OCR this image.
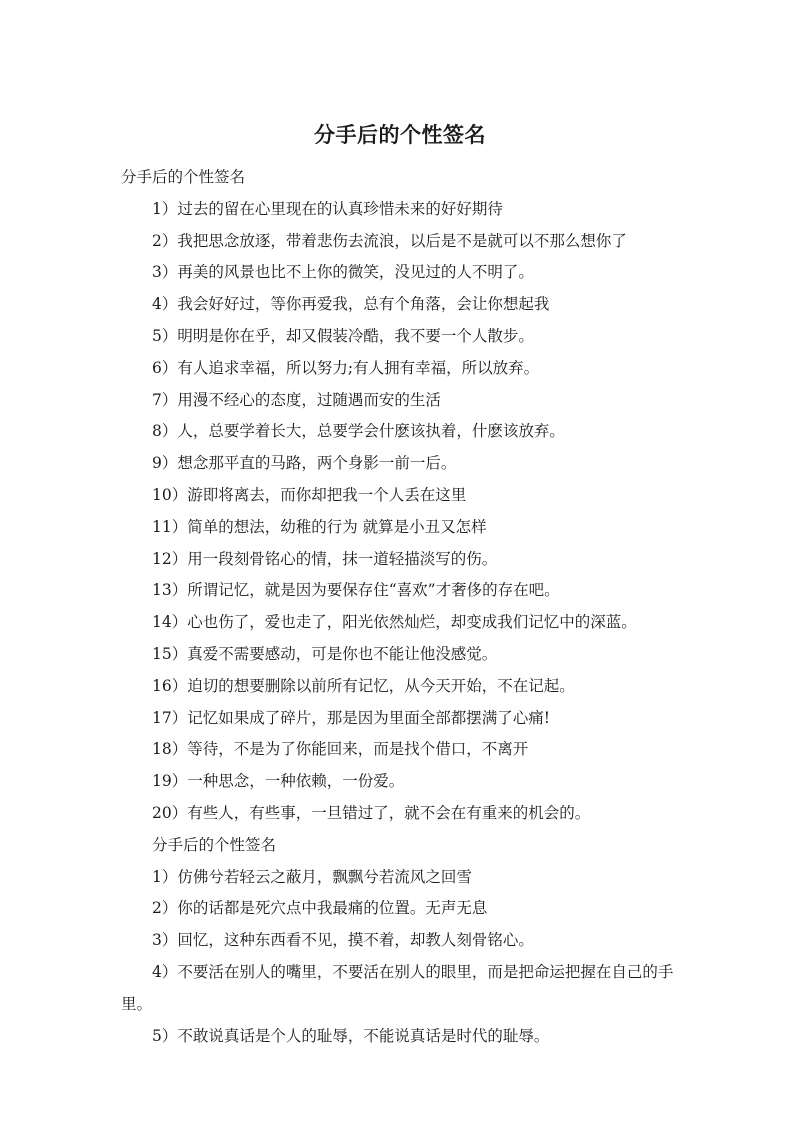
分手后的个性签名

分手后的个性签名

1）过去的留在心里现在的认真珍惜未来的好好期待

2）我把思念放逐，带着悲伤去流浪，以后是不是就可以不那么想你了

3）再美的风景也比不上你的微笑，没见过的人不明了。

4）我会好好过，等你再爱我，总有个角落，会让你想起我

5）明明是你在乎，却又假装冷酷，我不要一个人散步。

6）有人追求幸福，所以努力;有人拥有幸福，所以放弃。

7）用漫不经心的态度，过随遇而安的生活

8）人，总要学着长大，总要学会什麽该执着，什麽该放弃。

9）想念那平直的马路，两个身影一前一后。

10）游即将离去，而你却把我一个人丢在这里

11）简单的想法，幼稚的行为 就算是小丑又怎样

12）用一段刻骨铭心的情，抹一道轻描淡写的伤。

13）所谓记忆，就是因为要保存住“喜欢”才奢侈的存在吧。

14）心也伤了，爱也走了，阳光依然灿烂，却变成我们记忆中的深蓝。

15）真爱不需要感动，可是你也不能让他没感觉。

16）迫切的想要删除以前所有记忆，从今天开始，不在记起。

17）记忆如果成了碎片，那是因为里面全部都摆满了心痛!

18）等待，不是为了你能回来，而是找个借口，不离开

19）一种思念，一种依赖，一份爱。

20）有些人，有些事，一旦错过了，就不会在有重来的机会的。

分手后的个性签名

1）仿佛兮若轻云之蔽月，飘飘兮若流风之回雪

2）你的话都是死穴点中我最痛的位置。无声无息

3）回忆，这种东西看不见，摸不着，却教人刻骨铭心。

4）不要活在别人的嘴里，不要活在别人的眼里，而是把命运把握在自己的手里。

5）不敢说真话是个人的耻辱，不能说真话是时代的耻辱。
